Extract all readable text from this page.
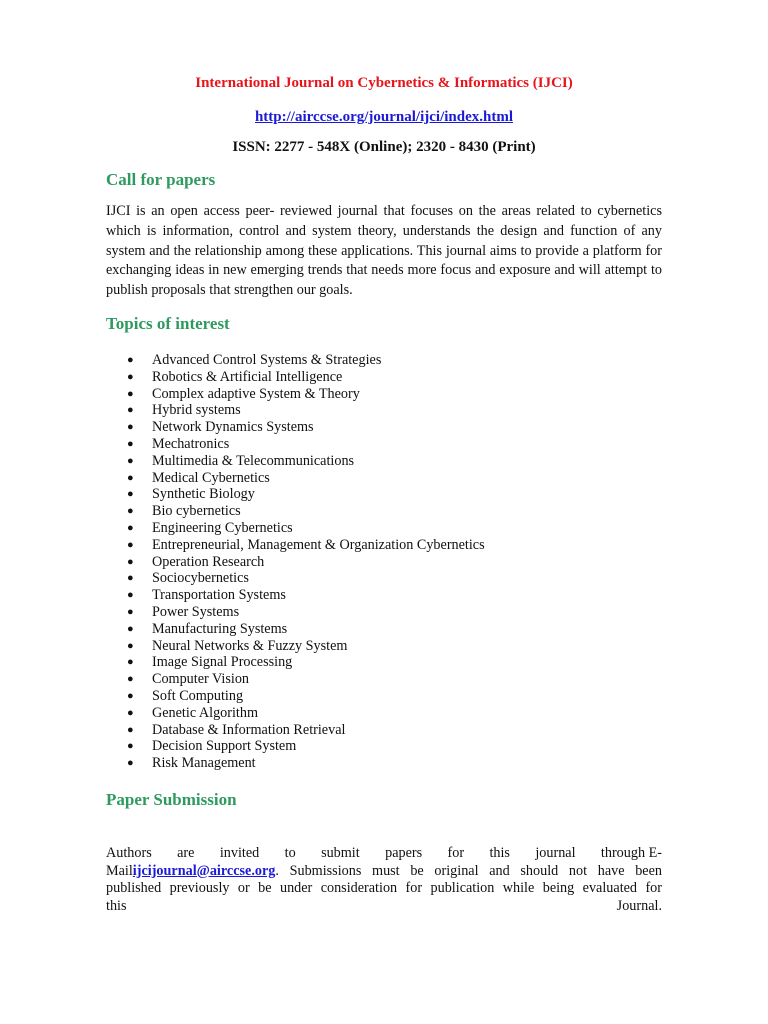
International Journal on Cybernetics & Informatics (IJCI)
http://airccse.org/journal/ijci/index.html
ISSN: 2277 - 548X (Online); 2320 - 8430 (Print)
Call for papers

IJCI is an open access peer- reviewed journal that focuses on the areas related to cybernetics which is information, control and system theory, understands the design and function of any system and the relationship among these applications. This journal aims to provide a platform for exchanging ideas in new emerging trends that needs more focus and exposure and will attempt to publish proposals that strengthen our goals.

Topics of interest
● Advanced Control Systems & Strategies
● Robotics & Artificial Intelligence
● Complex adaptive System & Theory
● Hybrid systems
● Network Dynamics Systems
● Mechatronics
● Multimedia & Telecommunications
● Medical Cybernetics
● Synthetic Biology
● Bio cybernetics
● Engineering Cybernetics
● Entrepreneurial, Management & Organization Cybernetics
● Operation Research
● Sociocybernetics
● Transportation Systems
● Power Systems
● Manufacturing Systems
● Neural Networks & Fuzzy System
● Image Signal Processing
● Computer Vision
● Soft Computing
● Genetic Algorithm
● Database & Information Retrieval
● Decision Support System
● Risk Management
Paper Submission
Authors are invited to submit papers for this journal through E-
Mailijcijournal@airccse.org. Submissions must be original and should not have been
published previously or be under consideration for publication while being evaluated for
this	Journal.
